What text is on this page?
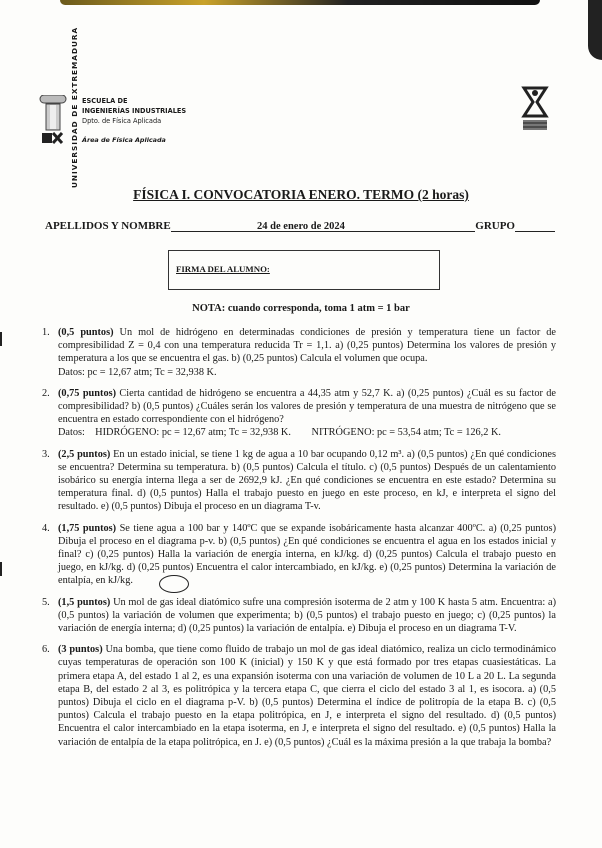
UNIVERSIDAD DE EXTREMADURA ESCUELA DE
INGENIERÍAS INDUSTRIALES
Dpto. de Física Aplicada
Área de Física Aplicada
FÍSICA I. CONVOCATORIA ENERO. TERMO (2 horas)
24 de enero de 2024
APELLIDOS Y NOMBRE	GRUPO
FIRMA DEL ALUMNO:
NOTA: cuando corresponda, toma 1 atm = 1 bar
1. (0,5 puntos) Un mol de hidrógeno en determinadas condiciones de presión y temperatura tiene un factor de compresibilidad Z = 0,4 con una temperatura reducida Tr = 1,1. a) (0,25 puntos) Determina los valores de presión y temperatura a los que se encuentra el gas. b) (0,25 puntos) Calcula el volumen que ocupa.
Datos: pc = 12,67 atm; Tc = 32,938 K.
2. (0,75 puntos) Cierta cantidad de hidrógeno se encuentra a 44,35 atm y 52,7 K. a) (0,25 puntos) ¿Cuál es su factor de compresibilidad? b) (0,5 puntos) ¿Cuáles serán los valores de presión y temperatura de una muestra de nitrógeno que se encuentra en estado correspondiente con el hidrógeno?
Datos:    HIDRÓGENO: pc = 12,67 atm; Tc = 32,938 K.        NITRÓGENO: pc = 53,54 atm; Tc = 126,2 K.
3. (2,5 puntos) En un estado inicial, se tiene 1 kg de agua a 10 bar ocupando 0,12 m³. a) (0,5 puntos) ¿En qué condiciones se encuentra? Determina su temperatura. b) (0,5 puntos) Calcula el título. c) (0,5 puntos) Después de un calentamiento isobárico su energía interna llega a ser de 2692,9 kJ. ¿En qué condiciones se encuentra en este estado? Determina su temperatura final. d) (0,5 puntos) Halla el trabajo puesto en juego en este proceso, en kJ, e interpreta el signo del resultado. e) (0,5 puntos) Dibuja el proceso en un diagrama T-v.
4. (1,75 puntos) Se tiene agua a 100 bar y 140ºC que se expande isobáricamente hasta alcanzar 400ºC. a) (0,25 puntos) Dibuja el proceso en el diagrama p-v. b) (0,5 puntos) ¿En qué condiciones se encuentra el agua en los estados inicial y final? c) (0,25 puntos) Halla la variación de energía interna, en kJ/kg. d) (0,25 puntos) Calcula el trabajo puesto en juego, en kJ/kg. d) (0,25 puntos) Encuentra el calor intercambiado, en kJ/kg. e) (0,25 puntos) Determina la variación de entalpía, en kJ/kg.
5. (1,5 puntos) Un mol de gas ideal diatómico sufre una compresión isoterma de 2 atm y 100 K hasta 5 atm. Encuentra: a) (0,5 puntos) la variación de volumen que experimenta; b) (0,5 puntos) el trabajo puesto en juego; c) (0,25 puntos) la variación de energía interna; d) (0,25 puntos) la variación de entalpía. e) Dibuja el proceso en un diagrama T-V.
6. (3 puntos) Una bomba, que tiene como fluido de trabajo un mol de gas ideal diatómico, realiza un ciclo termodinámico cuyas temperaturas de operación son 100 K (inicial) y 150 K y que está formado por tres etapas cuasiestáticas. La primera etapa A, del estado 1 al 2, es una expansión isoterma con una variación de volumen de 10 L a 20 L. La segunda etapa B, del estado 2 al 3, es politrópica y la tercera etapa C, que cierra el ciclo del estado 3 al 1, es isocora. a) (0,5 puntos) Dibuja el ciclo en el diagrama p-V. b) (0,5 puntos) Determina el índice de politropía de la etapa B. c) (0,5 puntos) Calcula el trabajo puesto en la etapa politrópica, en J, e interpreta el signo del resultado. d) (0,5 puntos) Encuentra el calor intercambiado en la etapa isoterma, en J, e interpreta el signo del resultado. e) (0,5 puntos) Halla la variación de entalpía de la etapa politrópica, en J. e) (0,5 puntos) ¿Cuál es la máxima presión a la que trabaja la bomba?
